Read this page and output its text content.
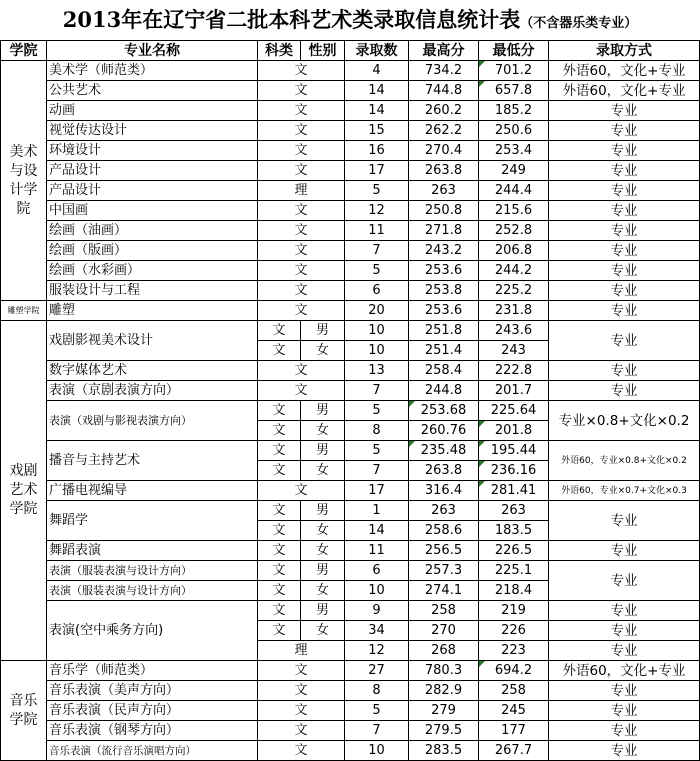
2013年在辽宁省二批本科艺术类录取信息统计表（不含器乐类专业）
学院	专业名称	科类	性别	录取数	最高分	最低分	录取方式
美术与设计学院	美术学（师范类）	文		4	734.2	701.2	外语60，文化+专业
	公共艺术	文		14	744.8	657.8	外语60，文化+专业
	动画	文		14	260.2	185.2	专业
	视觉传达设计	文		15	262.2	250.6	专业
	环境设计	文		16	270.4	253.4	专业
	产品设计	文		17	263.8	249	专业
	产品设计	理		5	263	244.4	专业
	中国画	文		12	250.8	215.6	专业
	绘画（油画）	文		11	271.8	252.8	专业
	绘画（版画）	文		7	243.2	206.8	专业
	绘画（水彩画）	文		5	253.6	244.2	专业
	服装设计与工程	文		6	253.8	225.2	专业
雕塑学院	雕塑	文		20	253.6	231.8	专业
戏剧艺术学院	戏剧影视美术设计	文	男	10	251.8	243.6	专业
		文	女	10	251.4	243	
	数字媒体艺术	文		13	258.4	222.8	专业
	表演（京剧表演方向）	文		7	244.8	201.7	专业
	表演（戏剧与影视表演方向）	文	男	5	253.68	225.64	专业×0.8+文化×0.2
		文	女	8	260.76	201.8	
	播音与主持艺术	文	男	5	235.48	195.44	外语60，专业×0.8+文化×0.2
		文	女	7	263.8	236.16	
	广播电视编导	文		17	316.4	281.41	外语60，专业×0.7+文化×0.3
	舞蹈学	文	男	1	263	263	专业
		文	女	14	258.6	183.5	
	舞蹈表演	文	女	11	256.5	226.5	专业
	表演（服装表演与设计方向）	文	男	6	257.3	225.1	专业
	表演（服装表演与设计方向）	文	女	10	274.1	218.4	
	表演(空中乘务方向)	文	男	9	258	219	专业
		文	女	34	270	226	专业
		理		12	268	223	专业
音乐学院	音乐学（师范类）	文		27	780.3	694.2	外语60，文化+专业
	音乐表演（美声方向）	文		8	282.9	258	专业
	音乐表演（民声方向）	文		5	279	245	专业
	音乐表演（钢琴方向）	文		7	279.5	177	专业
	音乐表演（流行音乐演唱方向）	文		10	283.5	267.7	专业
